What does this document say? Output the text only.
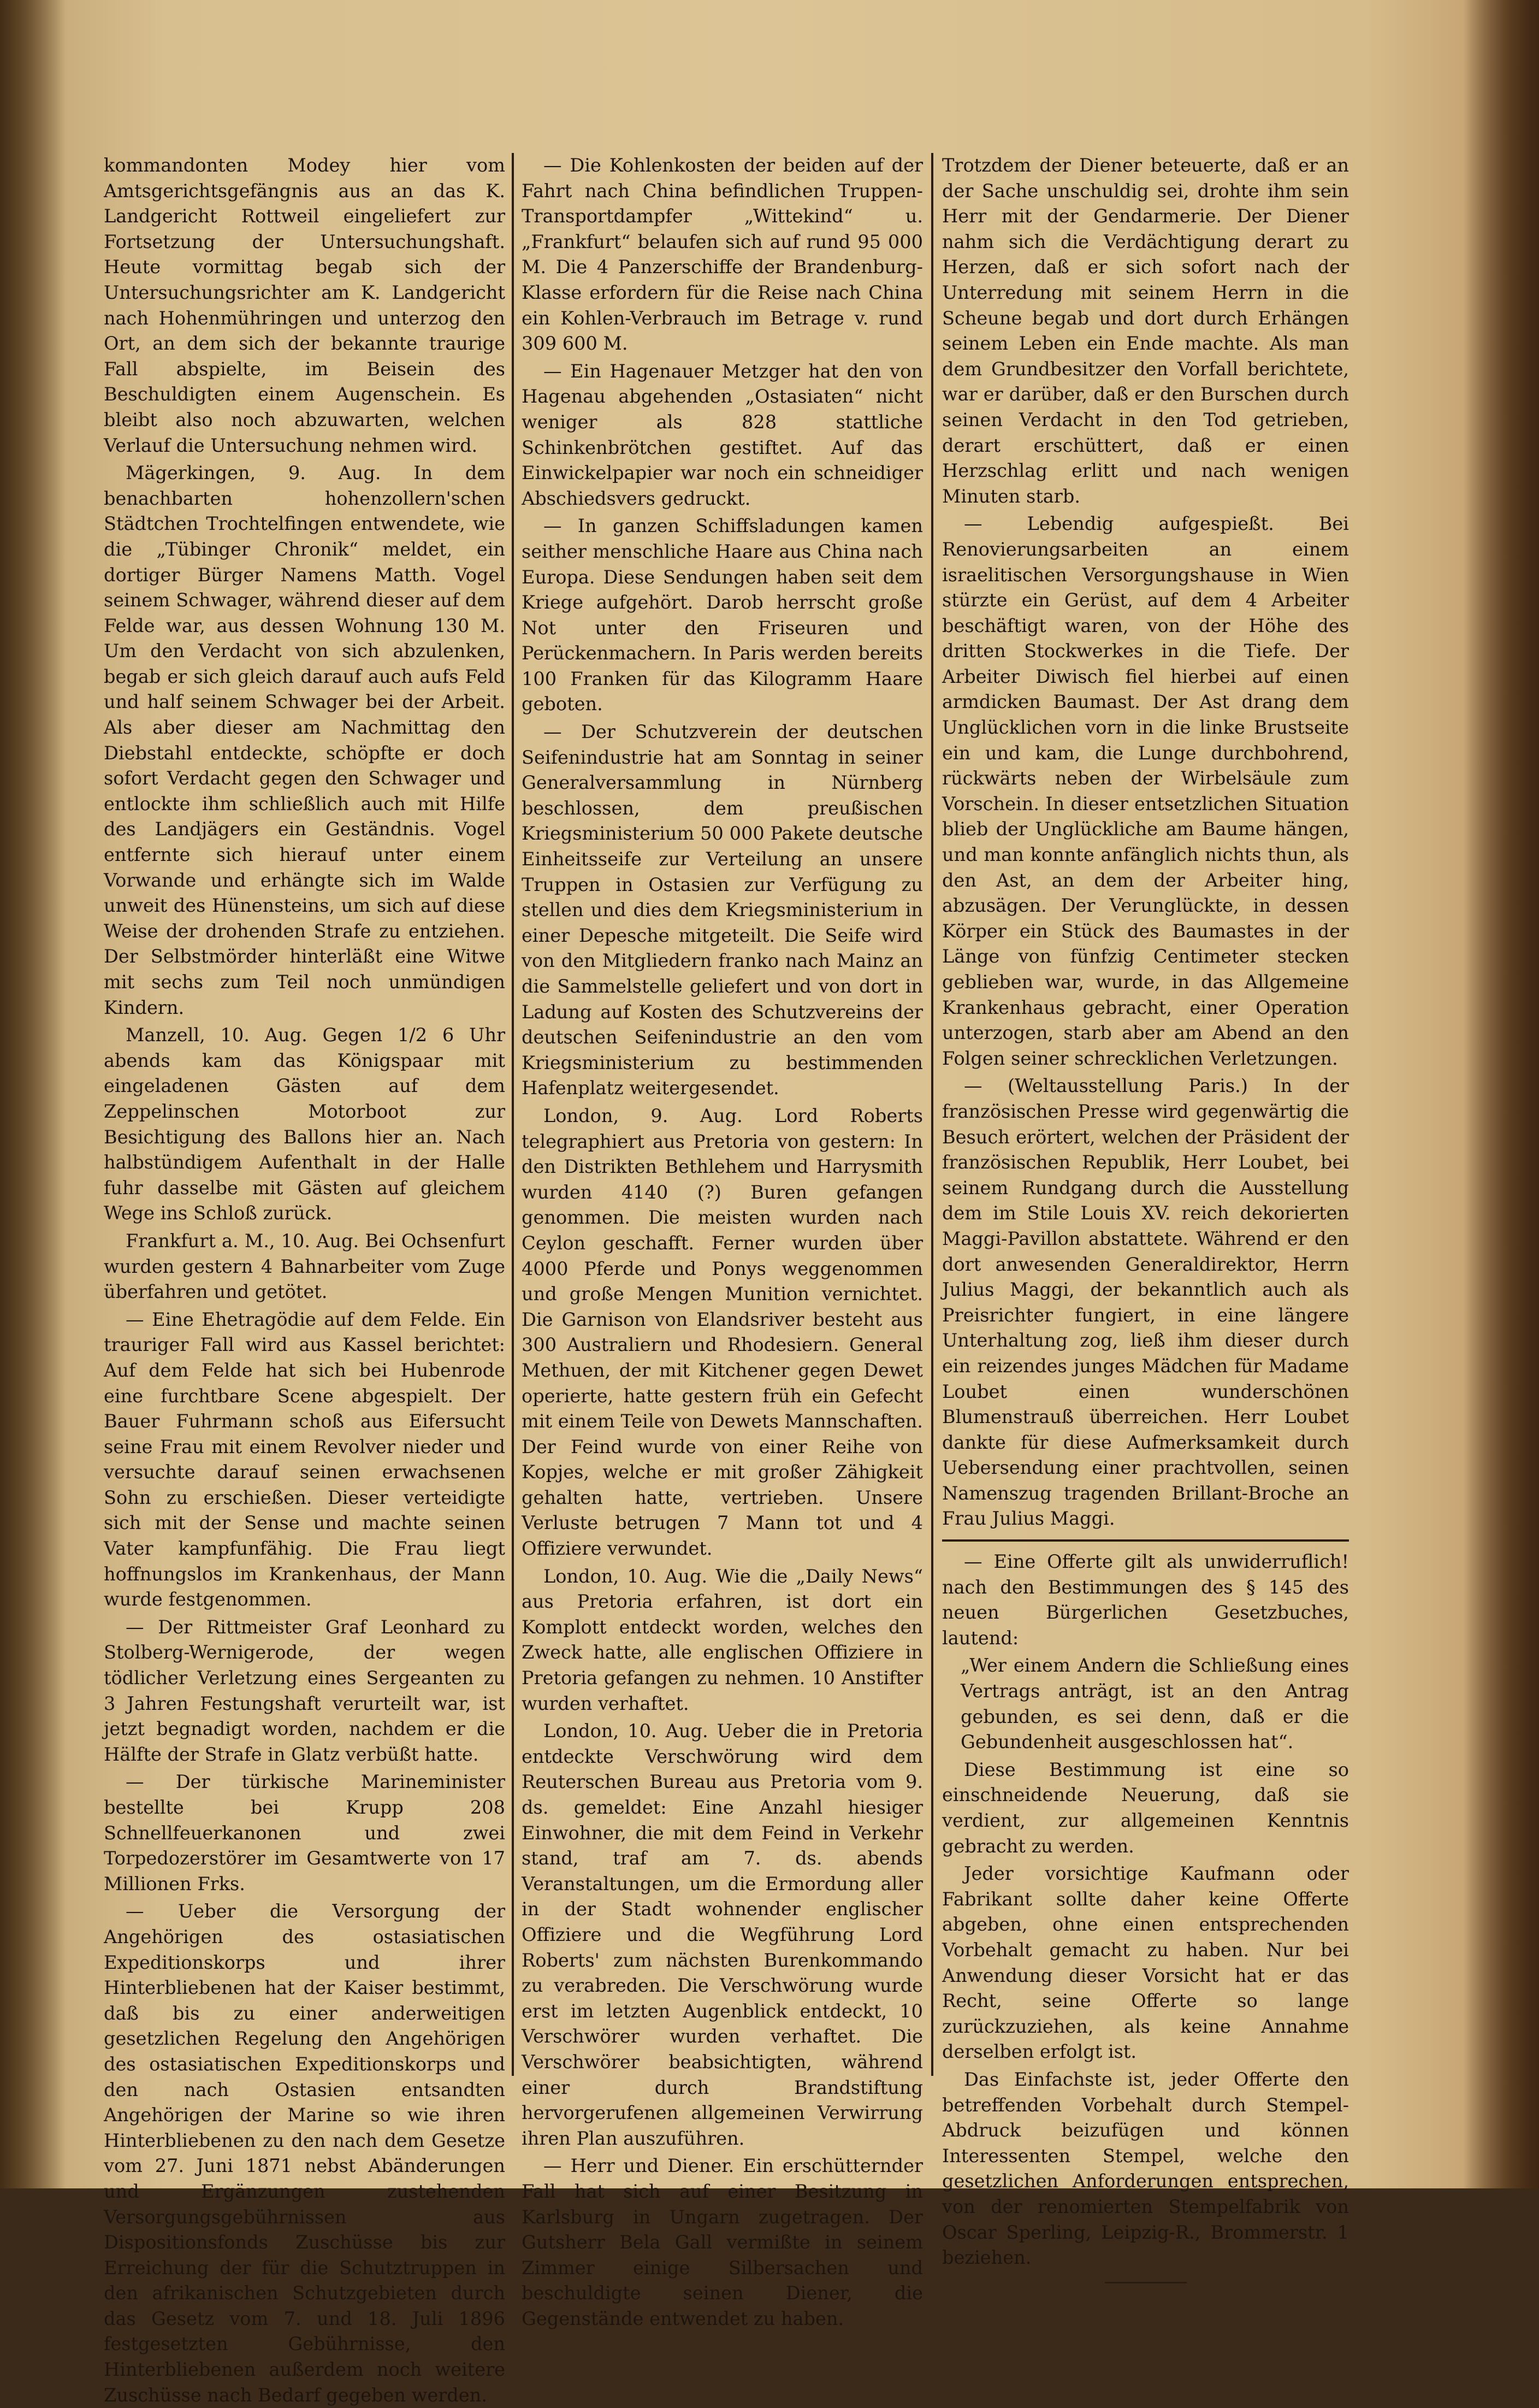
kommandonten Modey hier vom Amtsgerichtsgefängnis aus an das K. Landgericht Rottweil eingeliefert zur Fortsetzung der Untersuchungshaft. Heute vormittag begab sich der Untersuchungsrichter am K. Landgericht nach Hohenmühringen und unterzog den Ort, an dem sich der bekannte traurige Fall abspielte, im Beisein des Beschuldigten einem Augenschein. Es bleibt also noch abzuwarten, welchen Verlauf die Untersuchung nehmen wird.

Mägerkingen, 9. Aug. In dem benachbarten hohenzollern'schen Städtchen Trochtelfingen entwendete, wie die „Tübinger Chronik“ meldet, ein dortiger Bürger Namens Matth. Vogel seinem Schwager, während dieser auf dem Felde war, aus dessen Wohnung 130 M. Um den Verdacht von sich abzulenken, begab er sich gleich darauf auch aufs Feld und half seinem Schwager bei der Arbeit. Als aber dieser am Nachmittag den Diebstahl entdeckte, schöpfte er doch sofort Verdacht gegen den Schwager und entlockte ihm schließlich auch mit Hilfe des Landjägers ein Geständnis. Vogel entfernte sich hierauf unter einem Vorwande und erhängte sich im Walde unweit des Hünensteins, um sich auf diese Weise der drohenden Strafe zu entziehen. Der Selbstmörder hinterläßt eine Witwe mit sechs zum Teil noch unmündigen Kindern.

Manzell, 10. Aug. Gegen 1/2 6 Uhr abends kam das Königspaar mit eingeladenen Gästen auf dem Zeppelinschen Motorboot zur Besichtigung des Ballons hier an. Nach halbstündigem Aufenthalt in der Halle fuhr dasselbe mit Gästen auf gleichem Wege ins Schloß zurück.

Frankfurt a. M., 10. Aug. Bei Ochsenfurt wurden gestern 4 Bahnarbeiter vom Zuge überfahren und getötet.

— Eine Ehetragödie auf dem Felde. Ein trauriger Fall wird aus Kassel berichtet: Auf dem Felde hat sich bei Hubenrode eine furchtbare Scene abgespielt. Der Bauer Fuhrmann schoß aus Eifersucht seine Frau mit einem Revolver nieder und versuchte darauf seinen erwachsenen Sohn zu erschießen. Dieser verteidigte sich mit der Sense und machte seinen Vater kampfunfähig. Die Frau liegt hoffnungslos im Krankenhaus, der Mann wurde festgenommen.

— Der Rittmeister Graf Leonhard zu Stolberg-Wernigerode, der wegen tödlicher Verletzung eines Sergeanten zu 3 Jahren Festungshaft verurteilt war, ist jetzt begnadigt worden, nachdem er die Hälfte der Strafe in Glatz verbüßt hatte.

— Der türkische Marineminister bestellte bei Krupp 208 Schnellfeuerkanonen und zwei Torpedozerstörer im Gesamtwerte von 17 Millionen Frks.

— Ueber die Versorgung der Angehörigen des ostasiatischen Expeditionskorps und ihrer Hinterbliebenen hat der Kaiser bestimmt, daß bis zu einer anderweitigen gesetzlichen Regelung den Angehörigen des ostasiatischen Expeditionskorps und den nach Ostasien entsandten Angehörigen der Marine so wie ihren Hinterbliebenen zu den nach dem Gesetze vom 27. Juni 1871 nebst Abänderungen und Ergänzungen zustehenden Versorgungsgebührnissen aus Dispositionsfonds Zuschüsse bis zur Erreichung der für die Schutztruppen in den afrikanischen Schutzgebieten durch das Gesetz vom 7. und 18. Juli 1896 festgesetzten Gebührnisse, den Hinterbliebenen außerdem noch weitere Zuschüsse nach Bedarf gegeben werden.

— Die Kohlenkosten der beiden auf der Fahrt nach China befindlichen Truppen-Transportdampfer „Wittekind“ u. „Frankfurt“ belaufen sich auf rund 95 000 M. Die 4 Panzerschiffe der Brandenburg-Klasse erfordern für die Reise nach China ein Kohlen-Verbrauch im Betrage v. rund 309 600 M.

— Ein Hagenauer Metzger hat den von Hagenau abgehenden „Ostasiaten“ nicht weniger als 828 stattliche Schinkenbrötchen gestiftet. Auf das Einwickelpapier war noch ein schneidiger Abschiedsvers gedruckt.

— In ganzen Schiffsladungen kamen seither menschliche Haare aus China nach Europa. Diese Sendungen haben seit dem Kriege aufgehört. Darob herrscht große Not unter den Friseuren und Perückenmachern. In Paris werden bereits 100 Franken für das Kilogramm Haare geboten.

— Der Schutzverein der deutschen Seifenindustrie hat am Sonntag in seiner Generalversammlung in Nürnberg beschlossen, dem preußischen Kriegsministerium 50 000 Pakete deutsche Einheitsseife zur Verteilung an unsere Truppen in Ostasien zur Verfügung zu stellen und dies dem Kriegsministerium in einer Depesche mitgeteilt. Die Seife wird von den Mitgliedern franko nach Mainz an die Sammelstelle geliefert und von dort in Ladung auf Kosten des Schutzvereins der deutschen Seifenindustrie an den vom Kriegsministerium zu bestimmenden Hafenplatz weitergesendet.

London, 9. Aug. Lord Roberts telegraphiert aus Pretoria von gestern: In den Distrikten Bethlehem und Harrysmith wurden 4140 (?) Buren gefangen genommen. Die meisten wurden nach Ceylon geschafft. Ferner wurden über 4000 Pferde und Ponys weggenommen und große Mengen Munition vernichtet. Die Garnison von Elandsriver besteht aus 300 Australiern und Rhodesiern. General Methuen, der mit Kitchener gegen Dewet operierte, hatte gestern früh ein Gefecht mit einem Teile von Dewets Mannschaften. Der Feind wurde von einer Reihe von Kopjes, welche er mit großer Zähigkeit gehalten hatte, vertrieben. Unsere Verluste betrugen 7 Mann tot und 4 Offiziere verwundet.

London, 10. Aug. Wie die „Daily News“ aus Pretoria erfahren, ist dort ein Komplott entdeckt worden, welches den Zweck hatte, alle englischen Offiziere in Pretoria gefangen zu nehmen. 10 Anstifter wurden verhaftet.

London, 10. Aug. Ueber die in Pretoria entdeckte Verschwörung wird dem Reuterschen Bureau aus Pretoria vom 9. ds. gemeldet: Eine Anzahl hiesiger Einwohner, die mit dem Feind in Verkehr stand, traf am 7. ds. abends Veranstaltungen, um die Ermordung aller in der Stadt wohnender englischer Offiziere und die Wegführung Lord Roberts' zum nächsten Burenkommando zu verabreden. Die Verschwörung wurde erst im letzten Augenblick entdeckt, 10 Verschwörer wurden verhaftet. Die Verschwörer beabsichtigten, während einer durch Brandstiftung hervorgerufenen allgemeinen Verwirrung ihren Plan auszuführen.

— Herr und Diener. Ein erschütternder Fall hat sich auf einer Besitzung in Karlsburg in Ungarn zugetragen. Der Gutsherr Bela Gall vermißte in seinem Zimmer einige Silbersachen und beschuldigte seinen Diener, die Gegenstände entwendet zu haben.

Trotzdem der Diener beteuerte, daß er an der Sache unschuldig sei, drohte ihm sein Herr mit der Gendarmerie. Der Diener nahm sich die Verdächtigung derart zu Herzen, daß er sich sofort nach der Unterredung mit seinem Herrn in die Scheune begab und dort durch Erhängen seinem Leben ein Ende machte. Als man dem Grundbesitzer den Vorfall berichtete, war er darüber, daß er den Burschen durch seinen Verdacht in den Tod getrieben, derart erschüttert, daß er einen Herzschlag erlitt und nach wenigen Minuten starb.

— Lebendig aufgespießt. Bei Renovierungsarbeiten an einem israelitischen Versorgungshause in Wien stürzte ein Gerüst, auf dem 4 Arbeiter beschäftigt waren, von der Höhe des dritten Stockwerkes in die Tiefe. Der Arbeiter Diwisch fiel hierbei auf einen armdicken Baumast. Der Ast drang dem Unglücklichen vorn in die linke Brustseite ein und kam, die Lunge durchbohrend, rückwärts neben der Wirbelsäule zum Vorschein. In dieser entsetzlichen Situation blieb der Unglückliche am Baume hängen, und man konnte anfänglich nichts thun, als den Ast, an dem der Arbeiter hing, abzusägen. Der Verunglückte, in dessen Körper ein Stück des Baumastes in der Länge von fünfzig Centimeter stecken geblieben war, wurde, in das Allgemeine Krankenhaus gebracht, einer Operation unterzogen, starb aber am Abend an den Folgen seiner schrecklichen Verletzungen.

— (Weltausstellung Paris.) In der französischen Presse wird gegenwärtig die Besuch erörtert, welchen der Präsident der französischen Republik, Herr Loubet, bei seinem Rundgang durch die Ausstellung dem im Stile Louis XV. reich dekorierten Maggi-Pavillon abstattete. Während er den dort anwesenden Generaldirektor, Herrn Julius Maggi, der bekanntlich auch als Preisrichter fungiert, in eine längere Unterhaltung zog, ließ ihm dieser durch ein reizendes junges Mädchen für Madame Loubet einen wunderschönen Blumenstrauß überreichen. Herr Loubet dankte für diese Aufmerksamkeit durch Uebersendung einer prachtvollen, seinen Namenszug tragenden Brillant-Broche an Frau Julius Maggi.

— Eine Offerte gilt als unwiderruflich! nach den Bestimmungen des § 145 des neuen Bürgerlichen Gesetzbuches, lautend:

„Wer einem Andern die Schließung eines Vertrags anträgt, ist an den Antrag gebunden, es sei denn, daß er die Gebundenheit ausgeschlossen hat“.

Diese Bestimmung ist eine so einschneidende Neuerung, daß sie verdient, zur allgemeinen Kenntnis gebracht zu werden.

Jeder vorsichtige Kaufmann oder Fabrikant sollte daher keine Offerte abgeben, ohne einen entsprechenden Vorbehalt gemacht zu haben. Nur bei Anwendung dieser Vorsicht hat er das Recht, seine Offerte so lange zurückzuziehen, als keine Annahme derselben erfolgt ist.

Das Einfachste ist, jeder Offerte den betreffenden Vorbehalt durch Stempel-Abdruck beizufügen und können Interessenten Stempel, welche den gesetzlichen Anforderungen entsprechen, von der renomierten Stempelfabrik von Oscar Sperling, Leipzig-R., Brommerstr. 1 beziehen.
